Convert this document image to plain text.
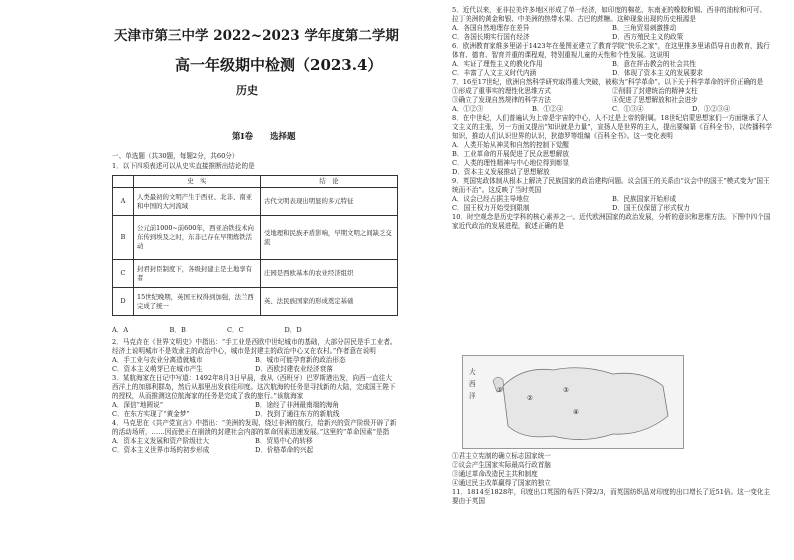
天津市第三中学 2022~2023 学年度第二学期
高一年级期中检测（2023.4）
历史
第Ⅰ卷　　选择题
一、单选题（共30题，每题2分，共60分）
1．以下四项表述可以从史实直接推断出结论的是
	史　实	结　论
A	人类最初的文明产生于西亚、北非、南亚和中国的大河流域	古代文明表现出明显的多元特征
B	公元前1000~前600年，西亚冶铁技术向东传到埃及之时，东非已存在早期炼铁活动	受地理和民族矛盾影响，早期文明之间缺乏交流
C	封君封臣制度下，各级封建主是土地享有者	庄园是西欧基本的农业经济组织
D	15世纪晚期，英国王权得到加强，法兰西完成了统一	英、法民族国家的形成奠定基础
A．A	B．B	C．C	D．D
2．马克垚在《世界文明史》中指出：“手工业是西欧中世纪城市的基础，大部分居民是手工业者。经济上说明城市不是效隶主的政治中心，城市是封建主的政治中心又在农村。”作者意在说明
A．手工业与农业分离造就城市	B．城市可能孕育新的政治形态
C．资本主义萌芽已在城市产生	D．西欧封建农业经济衰落
3．某航海家在日记中写道：1492年8月3日早晨，我从（西班牙）巴罗斯港出发，向西一直往大西洋上的加那利群岛，然后从那里出发前往印度。这次航海的任务是寻找新的大陆，完成国王陛下的授权，从而推测这位航海家的任务是完成了我的旅行。”该航海家
A．深信“地圆说”	B．途经了非洲最南端的海角
C．在东方实现了“黄金梦”	D．找到了通往东方的新航线
4．马克思在《共产党宣言》中指出：“美洲的发现、绕过非洲的航行，给新兴的资产阶级开辟了新的活动场所，……因而使正在崩溃的封建社会内部的革命因素迅速发展。”这里的“革命因素”是指
A．资本主义发展和资产阶级壮大	B．贸易中心的转移
C．资本主义世界市场的初步形成	D．价格革命的兴起
5．近代以来，亚非拉美许多地区形成了单一经济，如印度的棉花、东南亚的橡胶和锡、西非的油棕和可可、拉丁美洲的黄金和银、中美洲的热带水果、古巴的蔗糖。这种现象出现的历史根源是
A．各国自然地理存在差异	B．三角贸易刺激推动
C．各国长期实行国有经济	D．西方殖民主义的政策
6．欧洲教育家维多里诺于1423年在曼图亚建立了教育学院“快乐之家”，在这里推多里诺倡导自由教育，践行体育、德育、智育并重的课程观，特别重视儿童的天性和个性发展。这说明
A．实证了理性主义的教化作用	B．意在抨击教会的社会共性
C．丰富了人文主义时代内涵	D．体现了资本主义的发展要求
7．16至17世纪，欧洲自然科学研究取得重大突破，被称为“科学革命”。以下关于科学革命的评价正确的是
①形成了重事实的理性化思维方式	②削弱了封建统治的精神支柱
③确立了发现自然规律的科学方法	④促进了思想解放和社会进步
A．①②③	B．①②④	C．①③④	D．①②③④
8．在中世纪，人们普遍认为上帝是宇宙的中心，人不过是上帝的附属。18世纪启蒙思想家们一方面继承了人文主义的主张，另一方面又提出“知识就是力量”，宣扬人是世界的主人，提出要编纂《百科全书》，以传播科学知识，推动人们认识世界的认识，狄德罗等组编《百科全书》。这一变化表明
A．人类开始从神灵和自然的控制下觉醒
B．工业革命的开展促进了民众思想解放
C．人类的理性精神与中心地位得到彰显
D．资本主义发展推动了思想解放
9．英国宪政体制从根本上解决了民族国家的政治建构问题。议会国王的关系由“议会中的国王”模式变为“国王统而不治”。这反映了当时英国
A．议会已经占据主导地位	B．民族国家开始形成
C．国王权力开始受到限制	D．国王仅保留了形式权力
10．时空观念是历史学科的核心素养之一。近代欧洲国家的政治发展，分析的意识和思维方法。下图中四个国家近代政治的发展进程，叙述正确的是
大
西
洋
①
②
③
④
①君主立宪制的确立标志国家统一
②议会产生国家实际最高行政首脑
③通过革命改造民主共和制度
④通过民主改革赢得了国家的独立
11．1814至1828年，印度出口英国的布匹下降2/3，而英国纺织品对印度的出口增长了近51倍。这一变化主要由于英国
